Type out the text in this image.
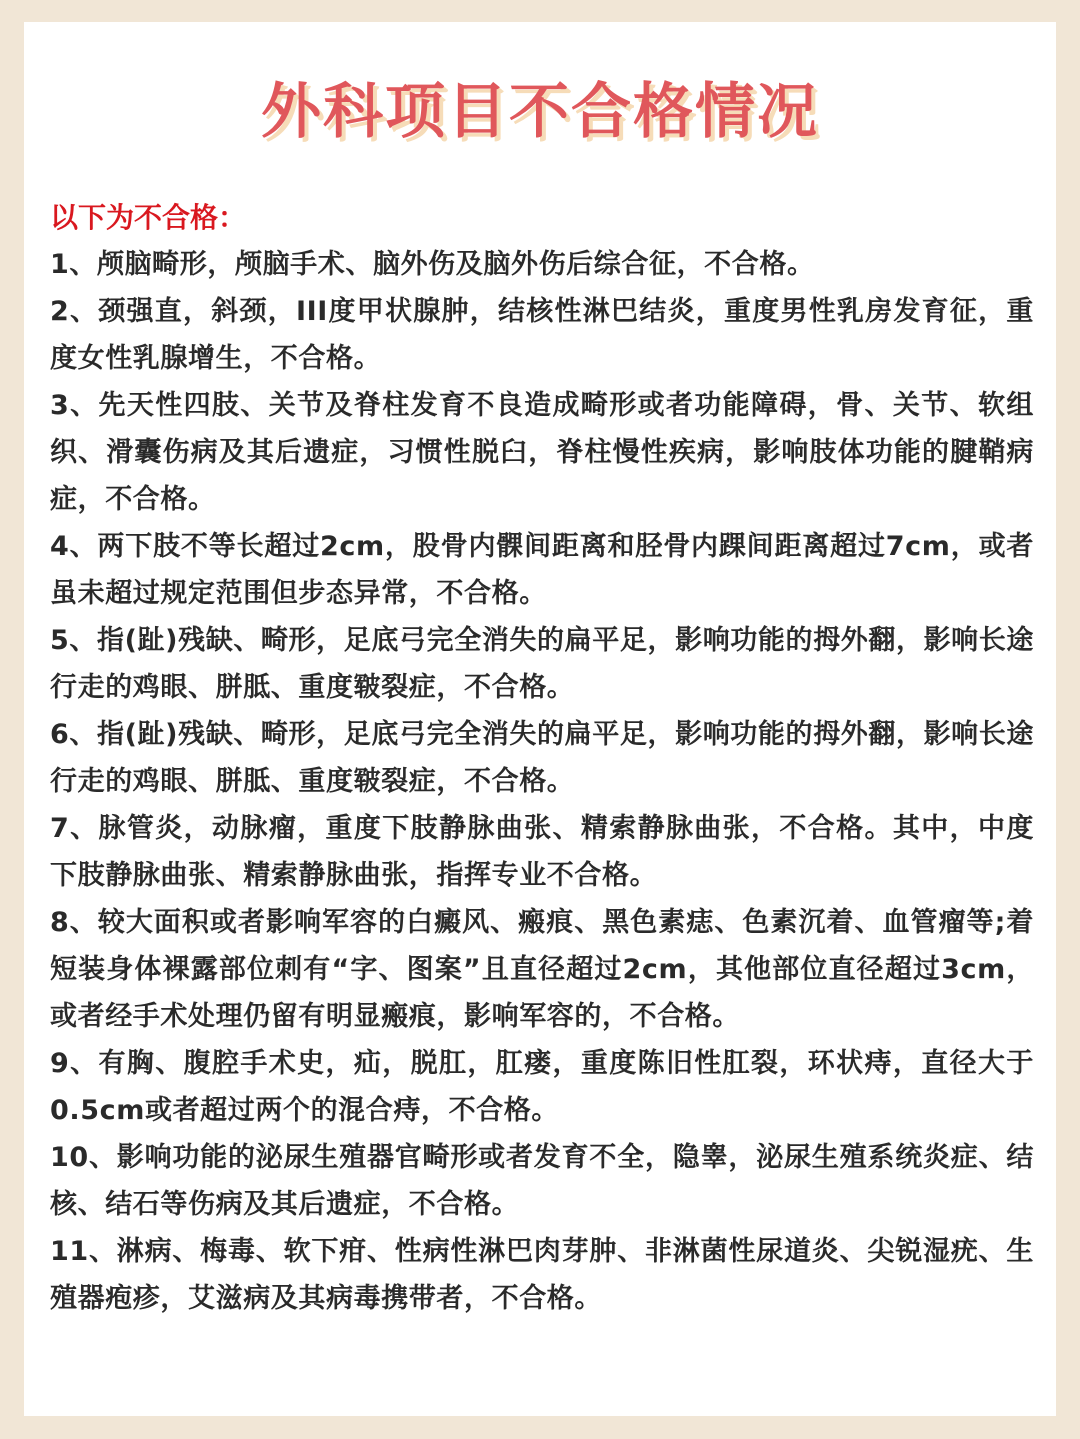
外科项目不合格情况

以下为不合格：

1、颅脑畸形，颅脑手术、脑外伤及脑外伤后综合征，不合格。

2、颈强直，斜颈，III度甲状腺肿，结核性淋巴结炎，重度男性乳房发育征，重度女性乳腺增生，不合格。

3、先天性四肢、关节及脊柱发育不良造成畸形或者功能障碍，骨、关节、软组织、滑囊伤病及其后遗症，习惯性脱臼，脊柱慢性疾病，影响肢体功能的腱鞘病症，不合格。

4、两下肢不等长超过2cm，股骨内髁间距离和胫骨内踝间距离超过7cm，或者虽未超过规定范围但步态异常，不合格。

5、指(趾)残缺、畸形，足底弓完全消失的扁平足，影响功能的拇外翻，影响长途行走的鸡眼、胼胝、重度皲裂症，不合格。

6、指(趾)残缺、畸形，足底弓完全消失的扁平足，影响功能的拇外翻，影响长途行走的鸡眼、胼胝、重度皲裂症，不合格。

7、脉管炎，动脉瘤，重度下肢静脉曲张、精索静脉曲张，不合格。其中，中度下肢静脉曲张、精索静脉曲张，指挥专业不合格。

8、较大面积或者影响军容的白癜风、瘢痕、黑色素痣、色素沉着、血管瘤等;着短装身体裸露部位刺有“字、图案”且直径超过2cm，其他部位直径超过3cm，或者经手术处理仍留有明显瘢痕，影响军容的，不合格。

9、有胸、腹腔手术史，疝，脱肛，肛瘘，重度陈旧性肛裂，环状痔，直径大于0.5cm或者超过两个的混合痔，不合格。

10、影响功能的泌尿生殖器官畸形或者发育不全，隐睾，泌尿生殖系统炎症、结核、结石等伤病及其后遗症，不合格。

11、淋病、梅毒、软下疳、性病性淋巴肉芽肿、非淋菌性尿道炎、尖锐湿疣、生殖器疱疹，艾滋病及其病毒携带者，不合格。
